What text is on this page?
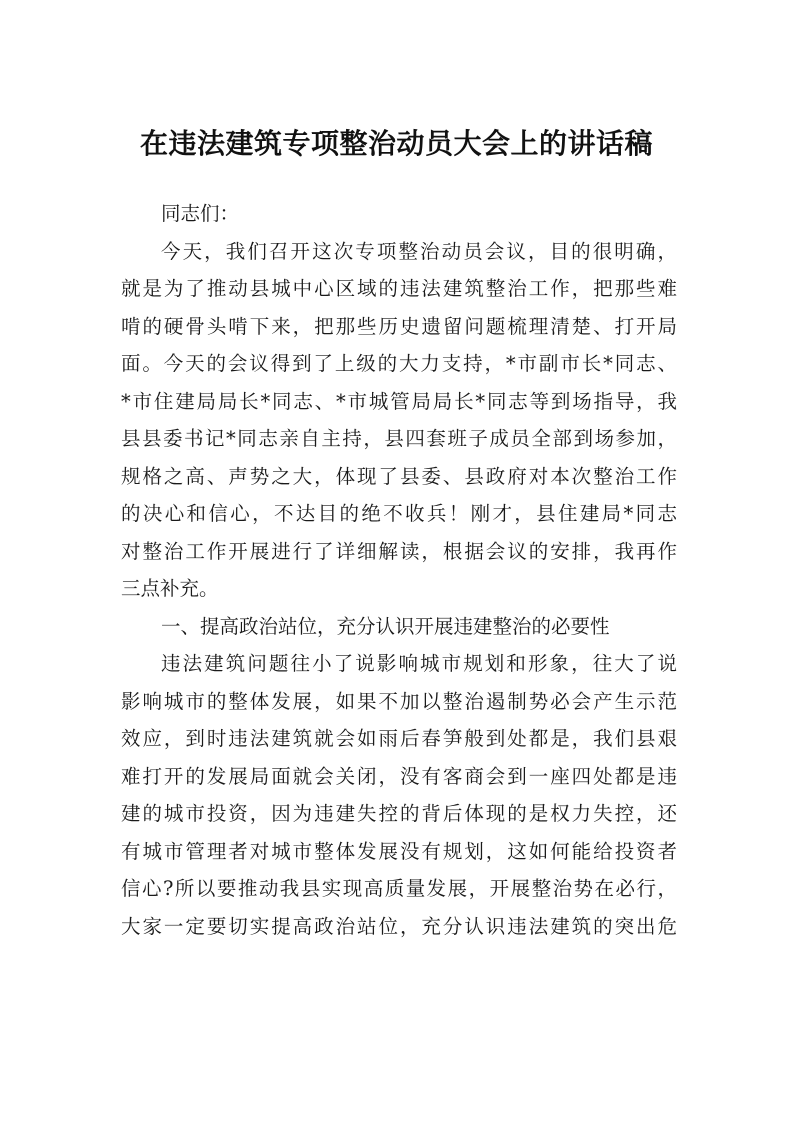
在违法建筑专项整治动员大会上的讲话稿
同志们：
今天，我们召开这次专项整治动员会议，目的很明确，
就是为了推动县城中心区域的违法建筑整治工作，把那些难
啃的硬骨头啃下来，把那些历史遗留问题梳理清楚、打开局
面。今天的会议得到了上级的大力支持，*市副市长*同志、
*市住建局局长*同志、*市城管局局长*同志等到场指导，我
县县委书记*同志亲自主持，县四套班子成员全部到场参加，
规格之高、声势之大，体现了县委、县政府对本次整治工作
的决心和信心，不达目的绝不收兵！刚才，县住建局*同志
对整治工作开展进行了详细解读，根据会议的安排，我再作
三点补充。
一、提高政治站位，充分认识开展违建整治的必要性
违法建筑问题往小了说影响城市规划和形象，往大了说
影响城市的整体发展，如果不加以整治遏制势必会产生示范
效应，到时违法建筑就会如雨后春笋般到处都是，我们县艰
难打开的发展局面就会关闭，没有客商会到一座四处都是违
建的城市投资，因为违建失控的背后体现的是权力失控，还
有城市管理者对城市整体发展没有规划，这如何能给投资者
信心?所以要推动我县实现高质量发展，开展整治势在必行，
大家一定要切实提高政治站位，充分认识违法建筑的突出危
